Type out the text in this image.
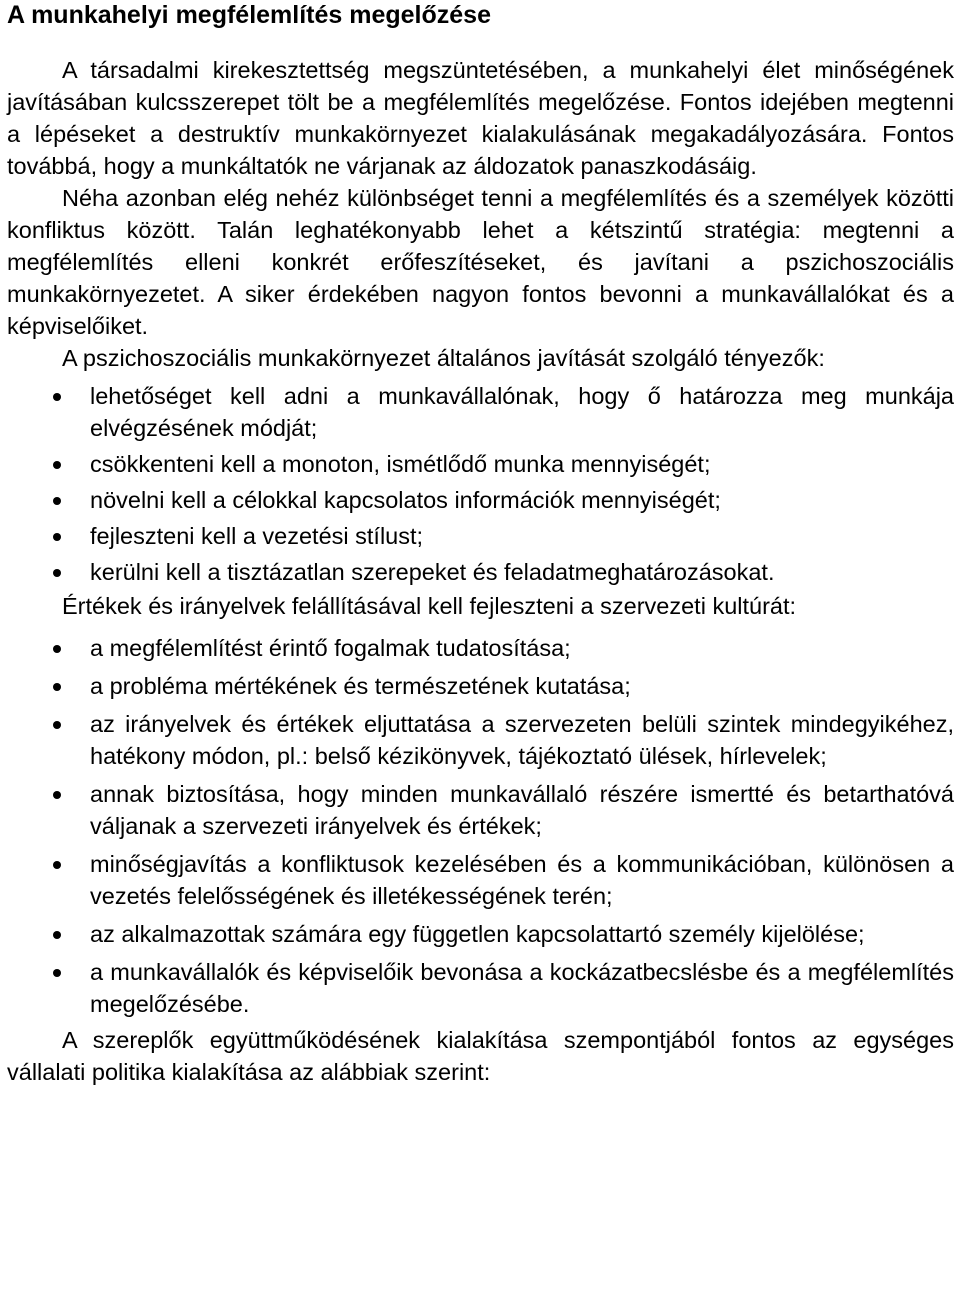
A munkahelyi megfélemlítés megelőzése

A társadalmi kirekesztettség megszüntetésében, a munkahelyi élet minőségének javításában kulcsszerepet tölt be a megfélemlítés megelőzése. Fontos idejében megtenni a lépéseket a destruktív munkakörnyezet kialakulásának megakadályozására. Fontos továbbá, hogy a munkáltatók ne várjanak az áldozatok panaszkodásáig.

Néha azonban elég nehéz különbséget tenni a megfélemlítés és a személyek közötti konfliktus között. Talán leghatékonyabb lehet a kétszintű stratégia: megtenni a megfélemlítés elleni konkrét erőfeszítéseket, és javítani a pszichoszociális munkakörnyezetet. A siker érdekében nagyon fontos bevonni a munkavállalókat és a képviselőiket.

A pszichoszociális munkakörnyezet általános javítását szolgáló tényezők:

lehetőséget kell adni a munkavállalónak, hogy ő határozza meg munkája elvégzésének módját;
csökkenteni kell a monoton, ismétlődő munka mennyiségét;
növelni kell a célokkal kapcsolatos információk mennyiségét;
fejleszteni kell a vezetési stílust;
kerülni kell a tisztázatlan szerepeket és feladatmeghatározásokat.

Értékek és irányelvek felállításával kell fejleszteni a szervezeti kultúrát:

a megfélemlítést érintő fogalmak tudatosítása;
a probléma mértékének és természetének kutatása;
az irányelvek és értékek eljuttatása a szervezeten belüli szintek mindegyikéhez, hatékony módon, pl.: belső kézikönyvek, tájékoztató ülések, hírlevelek;
annak biztosítása, hogy minden munkavállaló részére ismertté és betarthatóvá váljanak a szervezeti irányelvek és értékek;
minőségjavítás a konfliktusok kezelésében és a kommunikációban, különösen a vezetés felelősségének és illetékességének terén;
az alkalmazottak számára egy független kapcsolattartó személy kijelölése;
a munkavállalók és képviselőik bevonása a kockázatbecslésbe és a megfélemlítés megelőzésébe.

A szereplők együttműködésének kialakítása szempontjából fontos az egységes vállalati politika kialakítása az alábbiak szerint:
